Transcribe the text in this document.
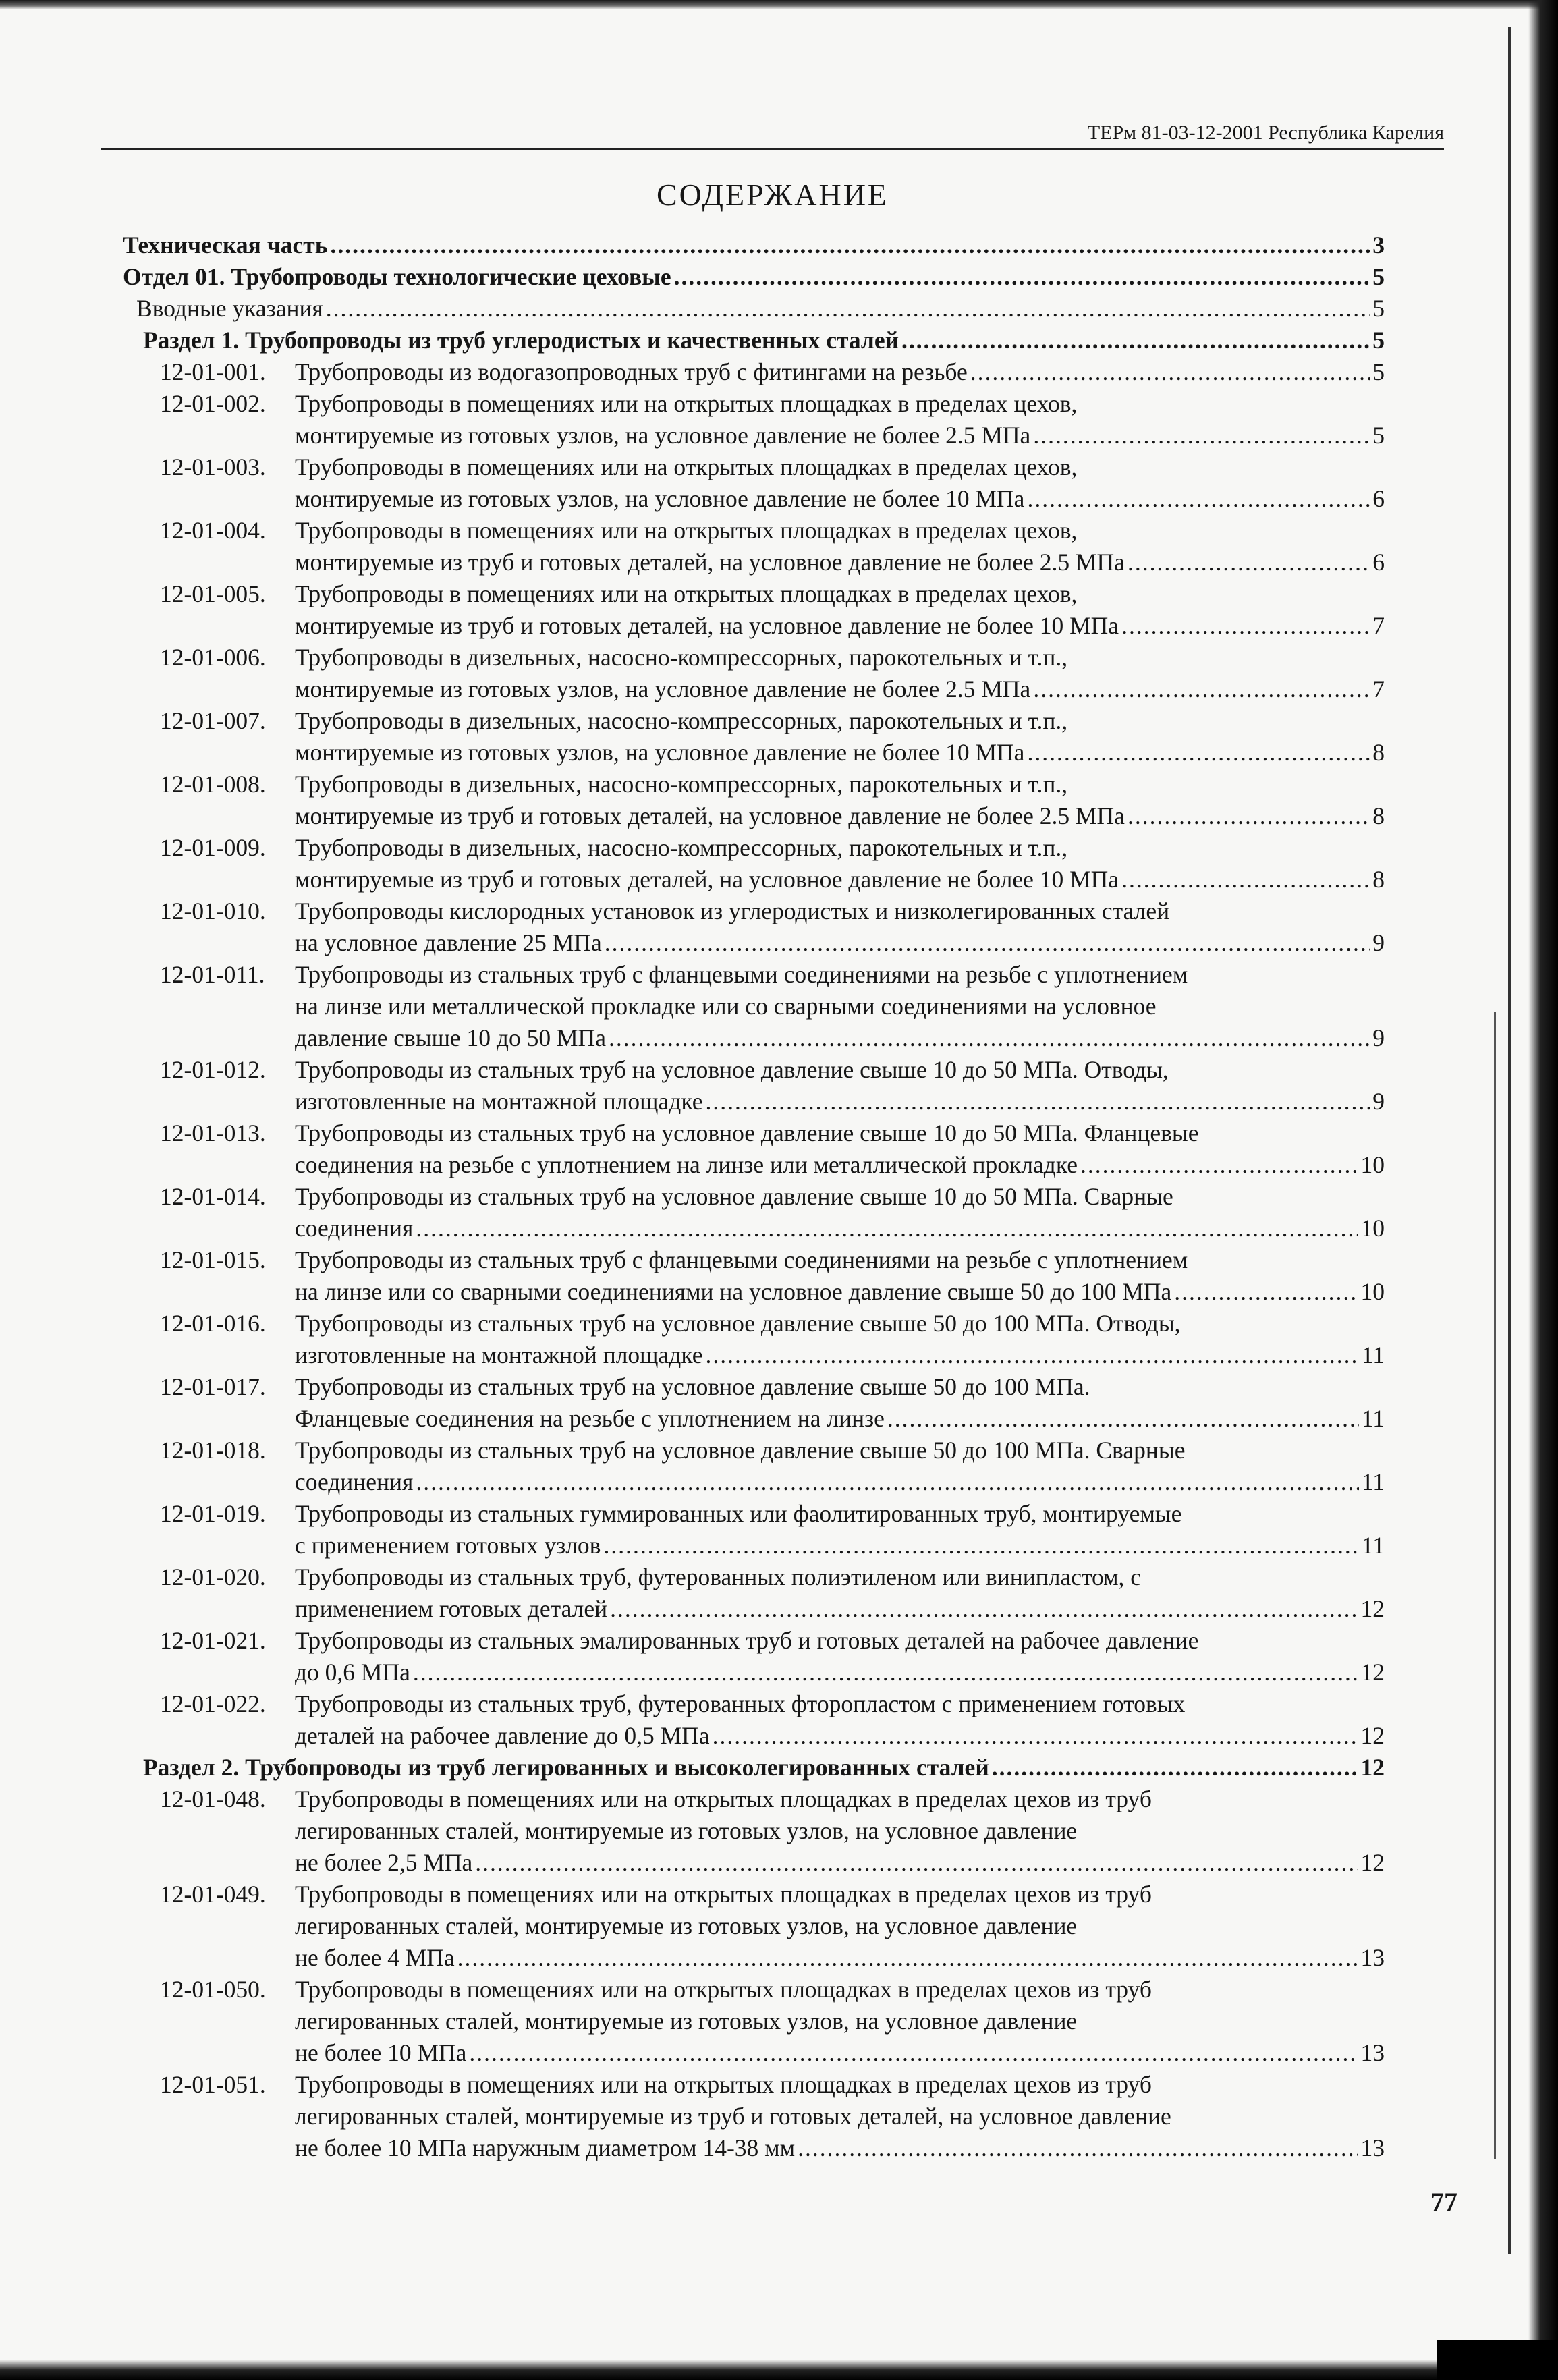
ТЕРм 81-03-12-2001 Республика Карелия
СОДЕРЖАНИЕ
Техническая часть .....	3
Отдел 01. Трубопроводы технологические цеховые .....	5
Вводные указания .....	5
Раздел 1. Трубопроводы из труб углеродистых и качественных сталей .....	5
12-01-001.	Трубопроводы из водогазопроводных труб с фитингами на резьбе .....	5
12-01-002.	Трубопроводы в помещениях или на открытых площадках в пределах цехов,
монтируемые из готовых узлов, на условное давление не более 2.5 МПа .....	5
12-01-003.	Трубопроводы в помещениях или на открытых площадках в пределах цехов,
монтируемые из готовых узлов, на условное давление не более 10 МПа .....	6
12-01-004.	Трубопроводы в помещениях или на открытых площадках в пределах цехов,
монтируемые из труб и готовых деталей, на условное давление не более 2.5 МПа .....	6
12-01-005.	Трубопроводы в помещениях или на открытых площадках в пределах цехов,
монтируемые из труб и готовых деталей, на условное давление не более 10 МПа .....	7
12-01-006.	Трубопроводы в дизельных, насосно-компрессорных, парокотельных и т.п.,
монтируемые из готовых узлов, на условное давление не более 2.5 МПа .....	7
12-01-007.	Трубопроводы в дизельных, насосно-компрессорных, парокотельных и т.п.,
монтируемые из готовых узлов, на условное давление не более 10 МПа .....	8
12-01-008.	Трубопроводы в дизельных, насосно-компрессорных, парокотельных и т.п.,
монтируемые из труб и готовых деталей, на условное давление не более 2.5 МПа .....	8
12-01-009.	Трубопроводы в дизельных, насосно-компрессорных, парокотельных и т.п.,
монтируемые из труб и готовых деталей, на условное давление не более 10 МПа .....	8
12-01-010.	Трубопроводы кислородных установок из углеродистых и низколегированных сталей
на условное давление 25 МПа .....	9
12-01-011.	Трубопроводы из стальных труб с фланцевыми соединениями на резьбе с уплотнением
на линзе или металлической прокладке или со сварными соединениями на условное
давление свыше 10 до 50 МПа .....	9
12-01-012.	Трубопроводы из стальных труб на условное давление свыше 10 до 50 МПа. Отводы,
изготовленные на монтажной площадке .....	9
12-01-013.	Трубопроводы из стальных труб на условное давление свыше 10 до 50 МПа. Фланцевые
соединения на резьбе с уплотнением на линзе или металлической прокладке .....	10
12-01-014.	Трубопроводы из стальных труб на условное давление свыше 10 до 50 МПа. Сварные
соединения .....	10
12-01-015.	Трубопроводы из стальных труб с фланцевыми соединениями на резьбе с уплотнением
на линзе или со сварными соединениями на условное давление свыше 50 до 100 МПа .....	10
12-01-016.	Трубопроводы из стальных труб на условное давление свыше 50 до 100 МПа. Отводы,
изготовленные на монтажной площадке .....	11
12-01-017.	Трубопроводы из стальных труб на условное давление свыше 50 до 100 МПа.
Фланцевые соединения на резьбе с уплотнением на линзе .....	11
12-01-018.	Трубопроводы из стальных труб на условное давление свыше 50 до 100 МПа. Сварные
соединения .....	11
12-01-019.	Трубопроводы из стальных гуммированных или фаолитированных труб, монтируемые
с применением готовых узлов .....	11
12-01-020.	Трубопроводы из стальных труб, футерованных полиэтиленом или винипластом, с
применением готовых деталей .....	12
12-01-021.	Трубопроводы из стальных эмалированных труб и готовых деталей на рабочее давление
до 0,6 МПа .....	12
12-01-022.	Трубопроводы из стальных труб, футерованных фторопластом с применением готовых
деталей на рабочее давление до 0,5 МПа .....	12
Раздел 2. Трубопроводы из труб легированных и высоколегированных сталей .....	12
12-01-048.	Трубопроводы в помещениях или на открытых площадках в пределах цехов из труб
легированных сталей, монтируемые из готовых узлов, на условное давление
не более 2,5 МПа .....	12
12-01-049.	Трубопроводы в помещениях или на открытых площадках в пределах цехов из труб
легированных сталей, монтируемые из готовых узлов, на условное давление
не более 4 МПа .....	13
12-01-050.	Трубопроводы в помещениях или на открытых площадках в пределах цехов из труб
легированных сталей, монтируемые из готовых узлов, на условное давление
не более 10 МПа .....	13
12-01-051.	Трубопроводы в помещениях или на открытых площадках в пределах цехов из труб
легированных сталей, монтируемые из труб и готовых деталей, на условное давление
не более 10 МПа наружным диаметром 14-38 мм .....	13
77
